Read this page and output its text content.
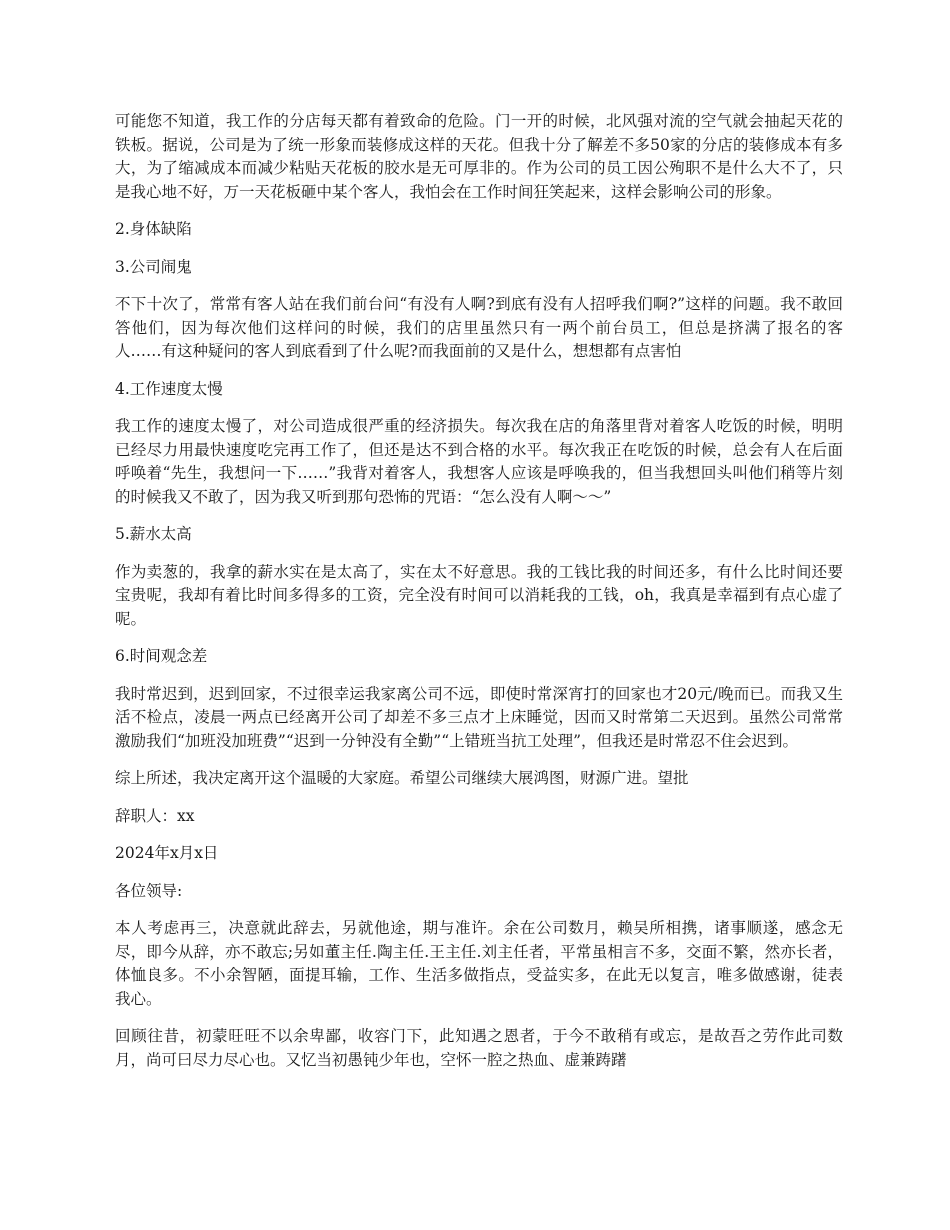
可能您不知道，我工作的分店每天都有着致命的危险。门一开的时候，北风强对流的空气就会抽起天花的铁板。据说，公司是为了统一形象而装修成这样的天花。但我十分了解差不多50家的分店的装修成本有多大，为了缩减成本而减少粘贴天花板的胶水是无可厚非的。作为公司的员工因公殉职不是什么大不了，只是我心地不好，万一天花板砸中某个客人，我怕会在工作时间狂笑起来，这样会影响公司的形象。

2.身体缺陷

3.公司闹鬼

不下十次了，常常有客人站在我们前台问“有没有人啊?到底有没有人招呼我们啊?”这样的问题。我不敢回答他们，因为每次他们这样问的时候，我们的店里虽然只有一两个前台员工，但总是挤满了报名的客人……有这种疑问的客人到底看到了什么呢?而我面前的又是什么，想想都有点害怕

4.工作速度太慢

我工作的速度太慢了，对公司造成很严重的经济损失。每次我在店的角落里背对着客人吃饭的时候，明明已经尽力用最快速度吃完再工作了，但还是达不到合格的水平。每次我正在吃饭的时候，总会有人在后面呼唤着“先生，我想问一下……”我背对着客人，我想客人应该是呼唤我的，但当我想回头叫他们稍等片刻的时候我又不敢了，因为我又听到那句恐怖的咒语：“怎么没有人啊～～”

5.薪水太高

作为卖葱的，我拿的薪水实在是太高了，实在太不好意思。我的工钱比我的时间还多，有什么比时间还要宝贵呢，我却有着比时间多得多的工资，完全没有时间可以消耗我的工钱，oh，我真是幸福到有点心虚了呢。

6.时间观念差

我时常迟到，迟到回家，不过很幸运我家离公司不远，即使时常深宵打的回家也才20元/晚而已。而我又生活不检点，凌晨一两点已经离开公司了却差不多三点才上床睡觉，因而又时常第二天迟到。虽然公司常常激励我们“加班没加班费”“迟到一分钟没有全勤”“上错班当抗工处理”，但我还是时常忍不住会迟到。

综上所述，我决定离开这个温暖的大家庭。希望公司继续大展鸿图，财源广进。望批

辞职人：xx

2024年x月x日

各位领导:

本人考虑再三，决意就此辞去，另就他途，期与准许。余在公司数月，赖吴所相携，诸事顺遂，感念无尽，即今从辞，亦不敢忘;另如董主任.陶主任.王主任.刘主任者，平常虽相言不多，交面不繁，然亦长者，体恤良多。不小余智陋，面提耳输，工作、生活多做指点，受益实多，在此无以复言，唯多做感谢，徒表我心。

回顾往昔，初蒙旺旺不以余卑鄙，收容门下，此知遇之恩者，于今不敢稍有或忘，是故吾之劳作此司数月，尚可曰尽力尽心也。又忆当初愚钝少年也，空怀一腔之热血、虚兼踌躇
